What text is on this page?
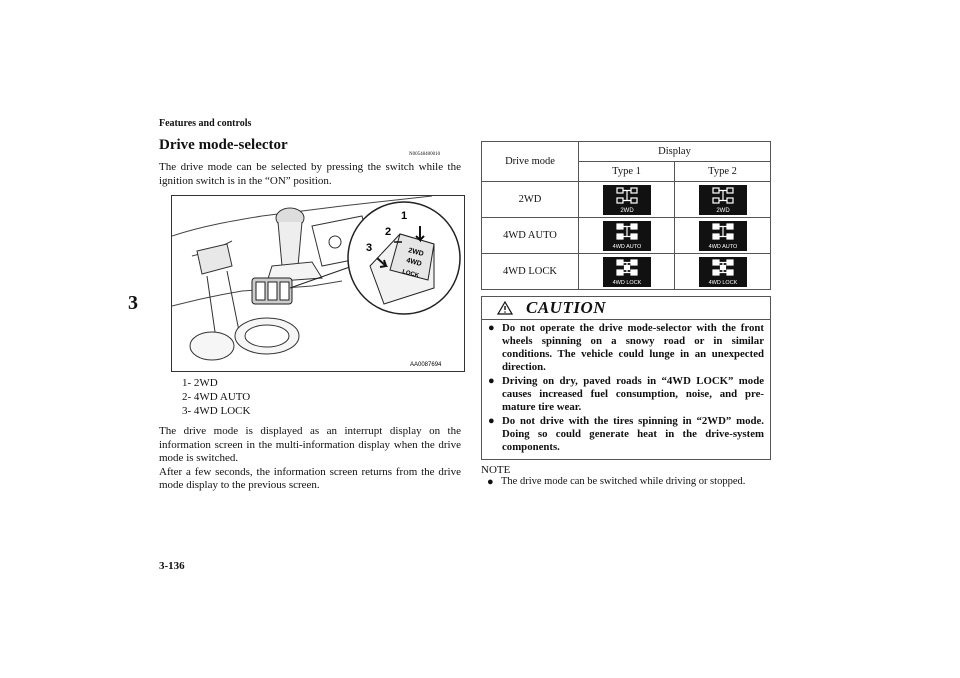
Features and controls
3
Drive mode-selector
N00548400010
The drive mode can be selected by pressing the switch while the ignition switch is in the “ON” position.
2WD
4WD
LOCK
1
2
3
AA0087694
1- 2WD
2- 4WD AUTO
3- 4WD LOCK
The drive mode is displayed as an interrupt display on the information screen in the multi-information display when the drive mode is switched.
After a few seconds, the information screen returns from the drive mode display to the previous screen.
3-136
Drive mode	Display	
	Type 1	Type 2
2WD	2WD	2WD

4WD AUTO	4WD AUTO	4WD AUTO

4WD LOCK	4WD LOCK	4WD LOCK
CAUTION
● Do not operate the drive mode-selector with the front wheels spinning on a snowy road or in similar conditions. The vehicle could lunge in an unexpected direction.
● Driving on dry, paved roads in “4WD LOCK” mode causes increased fuel consumption, noise, and pre-mature tire wear.
● Do not drive with the tires spinning in “2WD” mode. Doing so could generate heat in the drive-system components.
NOTE
● The drive mode can be switched while driving or stopped.
